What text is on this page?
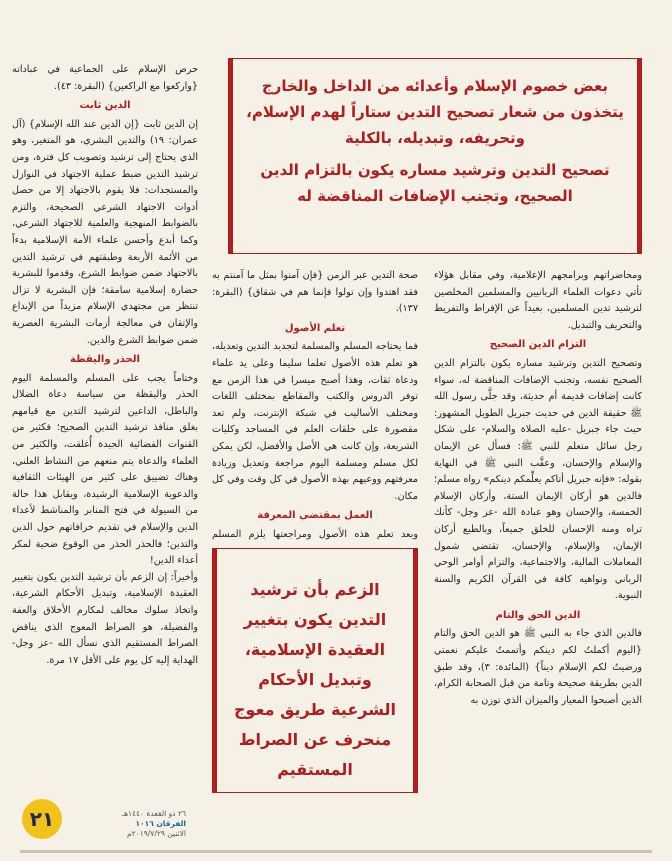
بعض خصوم الإسلام وأعدائه من الداخل والخارج يتخذون من شعار تصحيح التدين ستاراً لهدم الإسلام، وتحريفه، وتبديله، بالكلية
تصحيح التدين وترشيد مساره يكون بالتزام الدين الصحيح، وتجنب الإضافات المناقضة له

ومحاضراتهم وبرامجهم الإعلامية، وفي مقابل هؤلاء تأتي دعوات العلماء الربانيين والمسلمين المخلصين لترشيد تدين المسلمين، بعيداً عن الإفراط والتفريط والتحريف والتبديل.

التزام الدين الصحيح

وتصحيح التدين وترشيد مساره يكون بالتزام الدين الصحيح نفسه، وتجنب الإضافات المناقضة له، سواء كانت إضافات قديمة أم حديثة، وقد جلَّى رسول الله ﷺ حقيقة الدين في حديث جبريل الطويل المشهور: حيث جاء جبريل -عليه الصلاة والسلام- على شكل رجل سائل متعلم للنبي ﷺ: فسأل عن الإيمان والإسلام والإحسان، وعقَّب النبي ﷺ في النهاية بقوله: «فإنه جبريل أتاكم يعلِّمكم دينكم» رواه مسلم؛ فالدين هو أركان الإيمان الستة، وأركان الإسلام الخمسة، والإحسان وهو عبادة الله -عز وجل- كأنك تراه ومنه الإحسان للخلق جميعاً، وبالطبع أركان الإيمان، والإسلام، والإحسان، تقتضي شمول المعاملات المالية، والاجتماعية، والتزام أوامر الوحي الرباني ونواهيه كافة في القرآن الكريم والسنة النبوية.

الدين الحق والتام

فالدين الذي جاء به النبي ﷺ هو الدين الحق والتام {اليوم أكملتُ لكم دينكم وأتممتُ عليكم نعمتي ورضيتُ لكم الإسلام ديناً} (المائدة: ٣)، وقد طبق الدين بطريقة صحيحة وتامة من قبل الصحابة الكرام، الذين أصبحوا المعيار والميزان الذي توزن به

صحة التدين عبر الزمن {فإن آمنوا بمثل ما آمنتم به فقد اهتدوا وإن تولوا فإنما هم في شقاق} (البقرة: ١٣٧).

تعلم الأصول

فما يحتاجه المسلم والمسلمة لتجديد التدين وتعديله، هو تعلم هذه الأصول تعلما سليما وعلى يد علماء ودعاة ثقات، وهذا أصبح ميسرا في هذا الزمن مع توفر الدروس والكتب والمقاطع بمختلف اللغات ومختلف الأساليب في شبكة الإنترنت، ولم تعد مقصورة على حلقات العلم في المساجد وكليات الشريعة، وإن كانت هي الأصل والأفضل، لكن يمكن لكل مسلم ومسلمة اليوم مراجعة وتعديل وزيادة معرفتهم ووعيهم بهذه الأصول في كل وقت وفي كل مكان.

العمل بمقتضى المعرفة

وبعد تعلم هذه الأصول ومراجعتها يلزم المسلم

الزعم بأن ترشيد التدين يكون بتغيير العقيدة الإسلامية، وتبديل الأحكام الشرعية طريق معوج منحرف عن الصراط المستقيم

حرص الإسلام على الجماعية في عباداته {واركعوا مع الراكعين} (البقرة: ٤٣).

الدين ثابت

إن الدين ثابت {إن الدين عند الله الإسلام} (آل عمران: ١٩) والتدين البشري، هو المتغير، وهو الذي يحتاج إلى ترشيد وتصويب كل فترة، ومن ترشيد التدين ضبط عملية الاجتهاد في النوازل والمستجدات: فلا يقوم بالاجتهاد إلا من حصل أدوات الاجتهاد الشرعي الصحيحة، والتزم بالضوابط المنهجية والعلمية للاجتهاد الشرعي، وكما أبدع وأحسن علماء الأمة الإسلامية بدءاً من الأئمة الأربعة وطبقتهم في ترشيد التدين بالاجتهاد ضمن ضوابط الشرع، وقدموا للبشرية حضارة إسلامية سامقة؛ فإن البشرية لا تزال تنتظر من مجتهدي الإسلام مزيداً من الإبداع والإتقان في معالجة أزمات البشرية العصرية ضمن ضوابط الشرع والدين.

الحذر واليقظة

وختاماً يجب على المسلم والمسلمة اليوم الحذر واليقظة من سياسة دعاة الضلال والباطل، الداعين لترشيد التدين مع قيامهم بغلق منافذ ترشيد التدين الصحيح؛ فكثير من القنوات الفضائية الجيدة أُغلقت، والكثير من العلماء والدعاة يتم منعهم من النشاط العلني، وهناك تضييق على كثير من الهيئات الثقافية والدعوية الإسلامية الرشيدة، ويقابل هذا حالة من السيولة في فتح المنابر والمناشط لأعداء الدين والإسلام في تقديم خرافاتهم حول الدين والتدين؛ فالحذر الحذر من الوقوع ضحية لمكر أعداء الدين!

وأخيراً: إن الزعم بأن ترشيد التدين يكون بتغيير العقيدة الإسلامية، وتبديل الأحكام الشرعية، واتخاذ سلوك مخالف لمكارم الأخلاق والعفة والفضيلة، هو الصراط المعوج الذي يناقض الصراط المستقيم الذي نسأل الله -عز وجل- الهداية إليه كل يوم على الأقل ١٧ مرة.

٢٦ ذو القعدة ١٤٤٠هـ
الفرقان ١٠١٦
الاثنين ٢٠١٩/٧/٢٩م
٢١
